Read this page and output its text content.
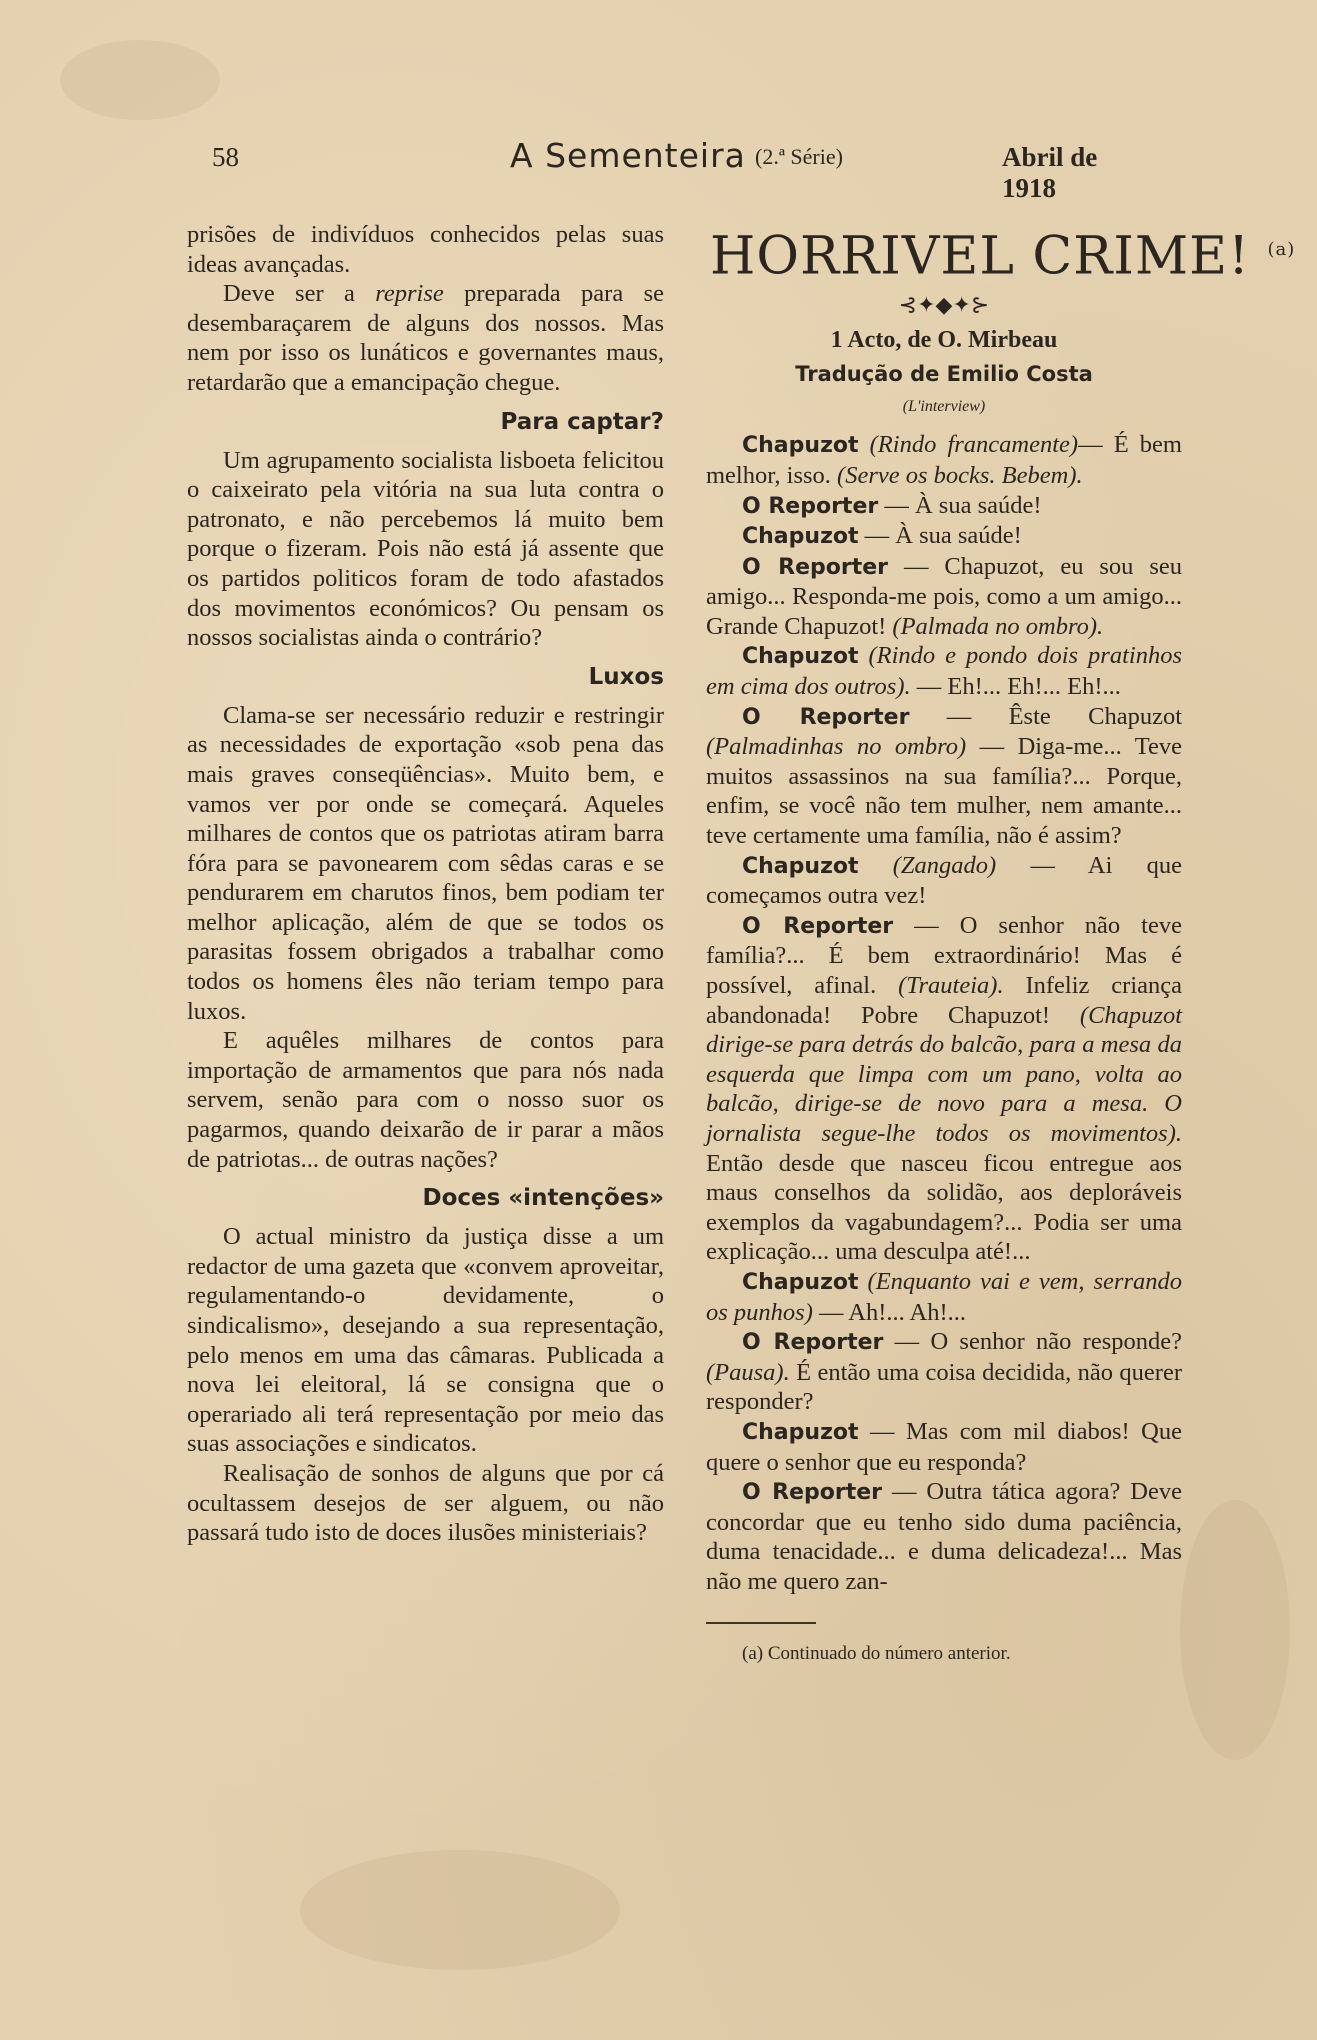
58	A Sementeira (2.ª Série)	Abril de 1918

prisões de indivíduos conhecidos pelas suas ideas avançadas.

Deve ser a reprise preparada para se desembaraçarem de alguns dos nossos. Mas nem por isso os lunáticos e governantes maus, retardarão que a emancipação chegue.

Para captar?

Um agrupamento socialista lisboeta felicitou o caixeirato pela vitória na sua luta contra o patronato, e não percebemos lá muito bem porque o fizeram. Pois não está já assente que os partidos politicos foram de todo afastados dos movimentos económicos? Ou pensam os nossos socialistas ainda o contrário?

Luxos

Clama-se ser necessário reduzir e restringir as necessidades de exportação «sob pena das mais graves conseqüências». Muito bem, e vamos ver por onde se começará. Aqueles milhares de contos que os patriotas atiram barra fóra para se pavonearem com sêdas caras e se pendurarem em charutos finos, bem podiam ter melhor aplicação, além de que se todos os parasitas fossem obrigados a trabalhar como todos os homens êles não teriam tempo para luxos.

E aquêles milhares de contos para importação de armamentos que para nós nada servem, senão para com o nosso suor os pagarmos, quando deixarão de ir parar a mãos de patriotas... de outras nações?

Doces «intenções»

O actual ministro da justiça disse a um redactor de uma gazeta que «convem aproveitar, regulamentando-o devidamente, o sindicalismo», desejando a sua representação, pelo menos em uma das câmaras. Publicada a nova lei eleitoral, lá se consigna que o operariado ali terá representação por meio das suas associações e sindicatos.

Realisação de sonhos de alguns que por cá ocultassem desejos de ser alguem, ou não passará tudo isto de doces ilusões ministeriais?

HORRIVEL CRIME! $^{(a)}$
⊰✦◆✦⊱
1 Acto, de O. Mirbeau
Tradução de Emilio Costa
(L'interview)

Chapuzot (Rindo francamente)— É bem melhor, isso. (Serve os bocks. Bebem).

O Reporter — À sua saúde!

Chapuzot — À sua saúde!

O Reporter — Chapuzot, eu sou seu amigo... Responda-me pois, como a um amigo... Grande Chapuzot! (Palmada no ombro).

Chapuzot (Rindo e pondo dois pratinhos em cima dos outros). — Eh!... Eh!... Eh!...

O Reporter — Êste Chapuzot (Palmadinhas no ombro) — Diga-me... Teve muitos assassinos na sua família?... Porque, enfim, se você não tem mulher, nem amante... teve certamente uma família, não é assim?

Chapuzot (Zangado) — Ai que começamos outra vez!

O Reporter — O senhor não teve família?... É bem extraordinário! Mas é possível, afinal. (Trauteia). Infeliz criança abandonada! Pobre Chapuzot! (Chapuzot dirige-se para detrás do balcão, para a mesa da esquerda que limpa com um pano, volta ao balcão, dirige-se de novo para a mesa. O jornalista segue-lhe todos os movimentos). Então desde que nasceu ficou entregue aos maus conselhos da solidão, aos deploráveis exemplos da vagabundagem?... Podia ser uma explicação... uma desculpa até!...

Chapuzot (Enquanto vai e vem, serrando os punhos) — Ah!... Ah!...

O Reporter — O senhor não responde? (Pausa). É então uma coisa decidida, não querer responder?

Chapuzot — Mas com mil diabos! Que quere o senhor que eu responda?

O Reporter — Outra tática agora? Deve concordar que eu tenho sido duma paciência, duma tenacidade... e duma delicadeza!... Mas não me quero zan-

(a) Continuado do número anterior.
